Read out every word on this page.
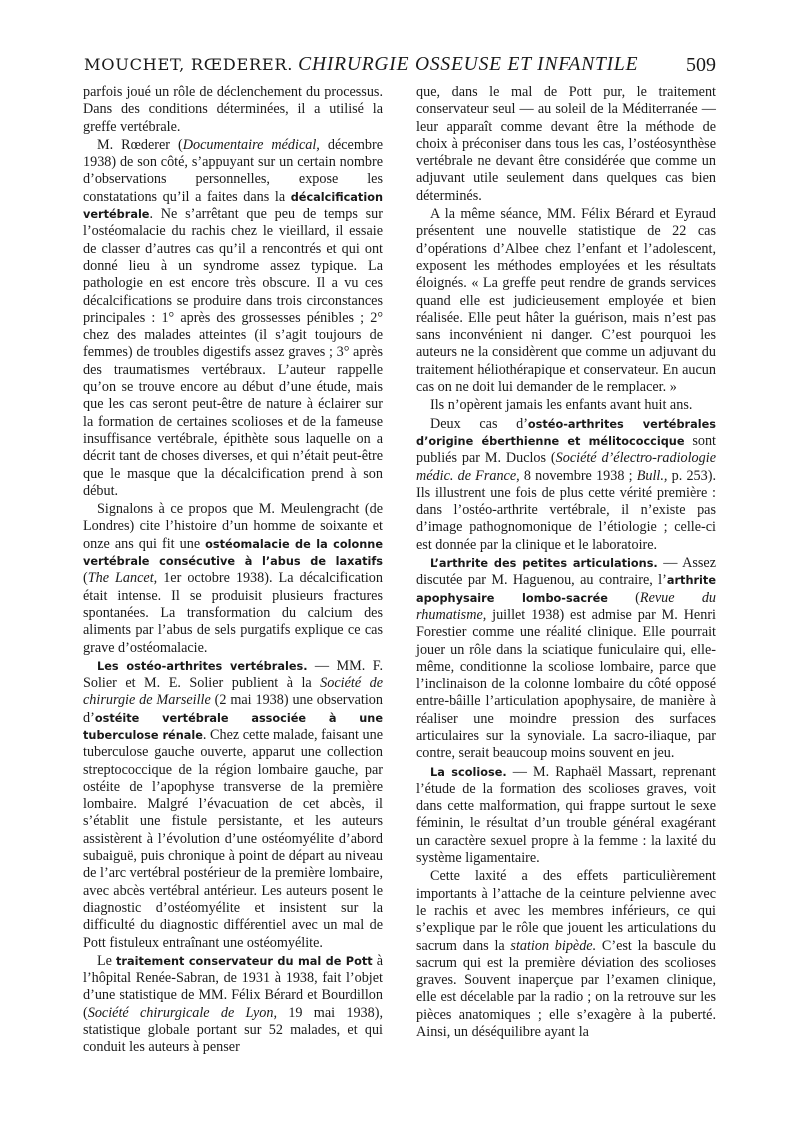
MOUCHET, RŒDERER. CHIRURGIE OSSEUSE ET INFANTILE 509

parfois joué un rôle de déclenchement du processus. Dans des conditions déterminées, il a utilisé la greffe vertébrale.

M. Rœderer (Documentaire médical, décembre 1938) de son côté, s’appuyant sur un certain nombre d’observations personnelles, expose les constatations qu’il a faites dans la décalcification vertébrale. Ne s’arrêtant que peu de temps sur l’ostéomalacie du rachis chez le vieillard, il essaie de classer d’autres cas qu’il a rencontrés et qui ont donné lieu à un syndrome assez typique. La pathologie en est encore très obscure. Il a vu ces décalcifications se produire dans trois circonstances principales : 1° après des grossesses pénibles ; 2° chez des malades atteintes (il s’agit toujours de femmes) de troubles digestifs assez graves ; 3° après des traumatismes vertébraux. L’auteur rappelle qu’on se trouve encore au début d’une étude, mais que les cas seront peut-être de nature à éclairer sur la formation de certaines scolioses et de la fameuse insuffisance vertébrale, épithète sous laquelle on a décrit tant de choses diverses, et qui n’était peut-être que le masque que la décalcification prend à son début.

Signalons à ce propos que M. Meulengracht (de Londres) cite l’histoire d’un homme de soixante et onze ans qui fit une ostéomalacie de la colonne vertébrale consécutive à l’abus de laxatifs (The Lancet, 1er octobre 1938). La décalcification était intense. Il se produisit plusieurs fractures spontanées. La transformation du calcium des aliments par l’abus de sels purgatifs explique ce cas grave d’ostéomalacie.

Les ostéo-arthrites vertébrales. — MM. F. Solier et M. E. Solier publient à la Société de chirurgie de Marseille (2 mai 1938) une observation d’ostéite vertébrale associée à une tuberculose rénale. Chez cette malade, faisant une tuberculose gauche ouverte, apparut une collection streptococcique de la région lombaire gauche, par ostéite de l’apophyse transverse de la première lombaire. Malgré l’évacuation de cet abcès, il s’établit une fistule persistante, et les auteurs assistèrent à l’évolution d’une ostéomyélite d’abord subaiguë, puis chronique à point de départ au niveau de l’arc vertébral postérieur de la première lombaire, avec abcès vertébral antérieur. Les auteurs posent le diagnostic d’ostéomyélite et insistent sur la difficulté du diagnostic différentiel avec un mal de Pott fistuleux entraînant une ostéomyélite.

Le traitement conservateur du mal de Pott à l’hôpital Renée-Sabran, de 1931 à 1938, fait l’objet d’une statistique de MM. Félix Bérard et Bourdillon (Société chirurgicale de Lyon, 19 mai 1938), statistique globale portant sur 52 malades, et qui conduit les auteurs à penser

que, dans le mal de Pott pur, le traitement conservateur seul — au soleil de la Méditerranée — leur apparaît comme devant être la méthode de choix à préconiser dans tous les cas, l’ostéosynthèse vertébrale ne devant être considérée que comme un adjuvant utile seulement dans quelques cas bien déterminés.

A la même séance, MM. Félix Bérard et Eyraud présentent une nouvelle statistique de 22 cas d’opérations d’Albee chez l’enfant et l’adolescent, exposent les méthodes employées et les résultats éloignés. « La greffe peut rendre de grands services quand elle est judicieusement employée et bien réalisée. Elle peut hâter la guérison, mais n’est pas sans inconvénient ni danger. C’est pourquoi les auteurs ne la considèrent que comme un adjuvant du traitement héliothérapique et conservateur. En aucun cas on ne doit lui demander de le remplacer. »

Ils n’opèrent jamais les enfants avant huit ans.

Deux cas d’ostéo-arthrites vertébrales d’origine éberthienne et mélitococcique sont publiés par M. Duclos (Société d’électro-radiologie médic. de France, 8 novembre 1938 ; Bull., p. 253). Ils illustrent une fois de plus cette vérité première : dans l’ostéo-arthrite vertébrale, il n’existe pas d’image pathognomonique de l’étiologie ; celle-ci est donnée par la clinique et le laboratoire.

L’arthrite des petites articulations. — Assez discutée par M. Haguenou, au contraire, l’arthrite apophysaire lombo-sacrée (Revue du rhumatisme, juillet 1938) est admise par M. Henri Forestier comme une réalité clinique. Elle pourrait jouer un rôle dans la sciatique funiculaire qui, elle-même, conditionne la scoliose lombaire, parce que l’inclinaison de la colonne lombaire du côté opposé entre-bâille l’articulation apophysaire, de manière à réaliser une moindre pression des surfaces articulaires sur la synoviale. La sacro-iliaque, par contre, serait beaucoup moins souvent en jeu.

La scoliose. — M. Raphaël Massart, reprenant l’étude de la formation des scolioses graves, voit dans cette malformation, qui frappe surtout le sexe féminin, le résultat d’un trouble général exagérant un caractère sexuel propre à la femme : la laxité du système ligamentaire.

Cette laxité a des effets particulièrement importants à l’attache de la ceinture pelvienne avec le rachis et avec les membres inférieurs, ce qui s’explique par le rôle que jouent les articulations du sacrum dans la station bipède. C’est la bascule du sacrum qui est la première déviation des scolioses graves. Souvent inaperçue par l’examen clinique, elle est décelable par la radio ; on la retrouve sur les pièces anatomiques ; elle s’exagère à la puberté. Ainsi, un déséquilibre ayant la
